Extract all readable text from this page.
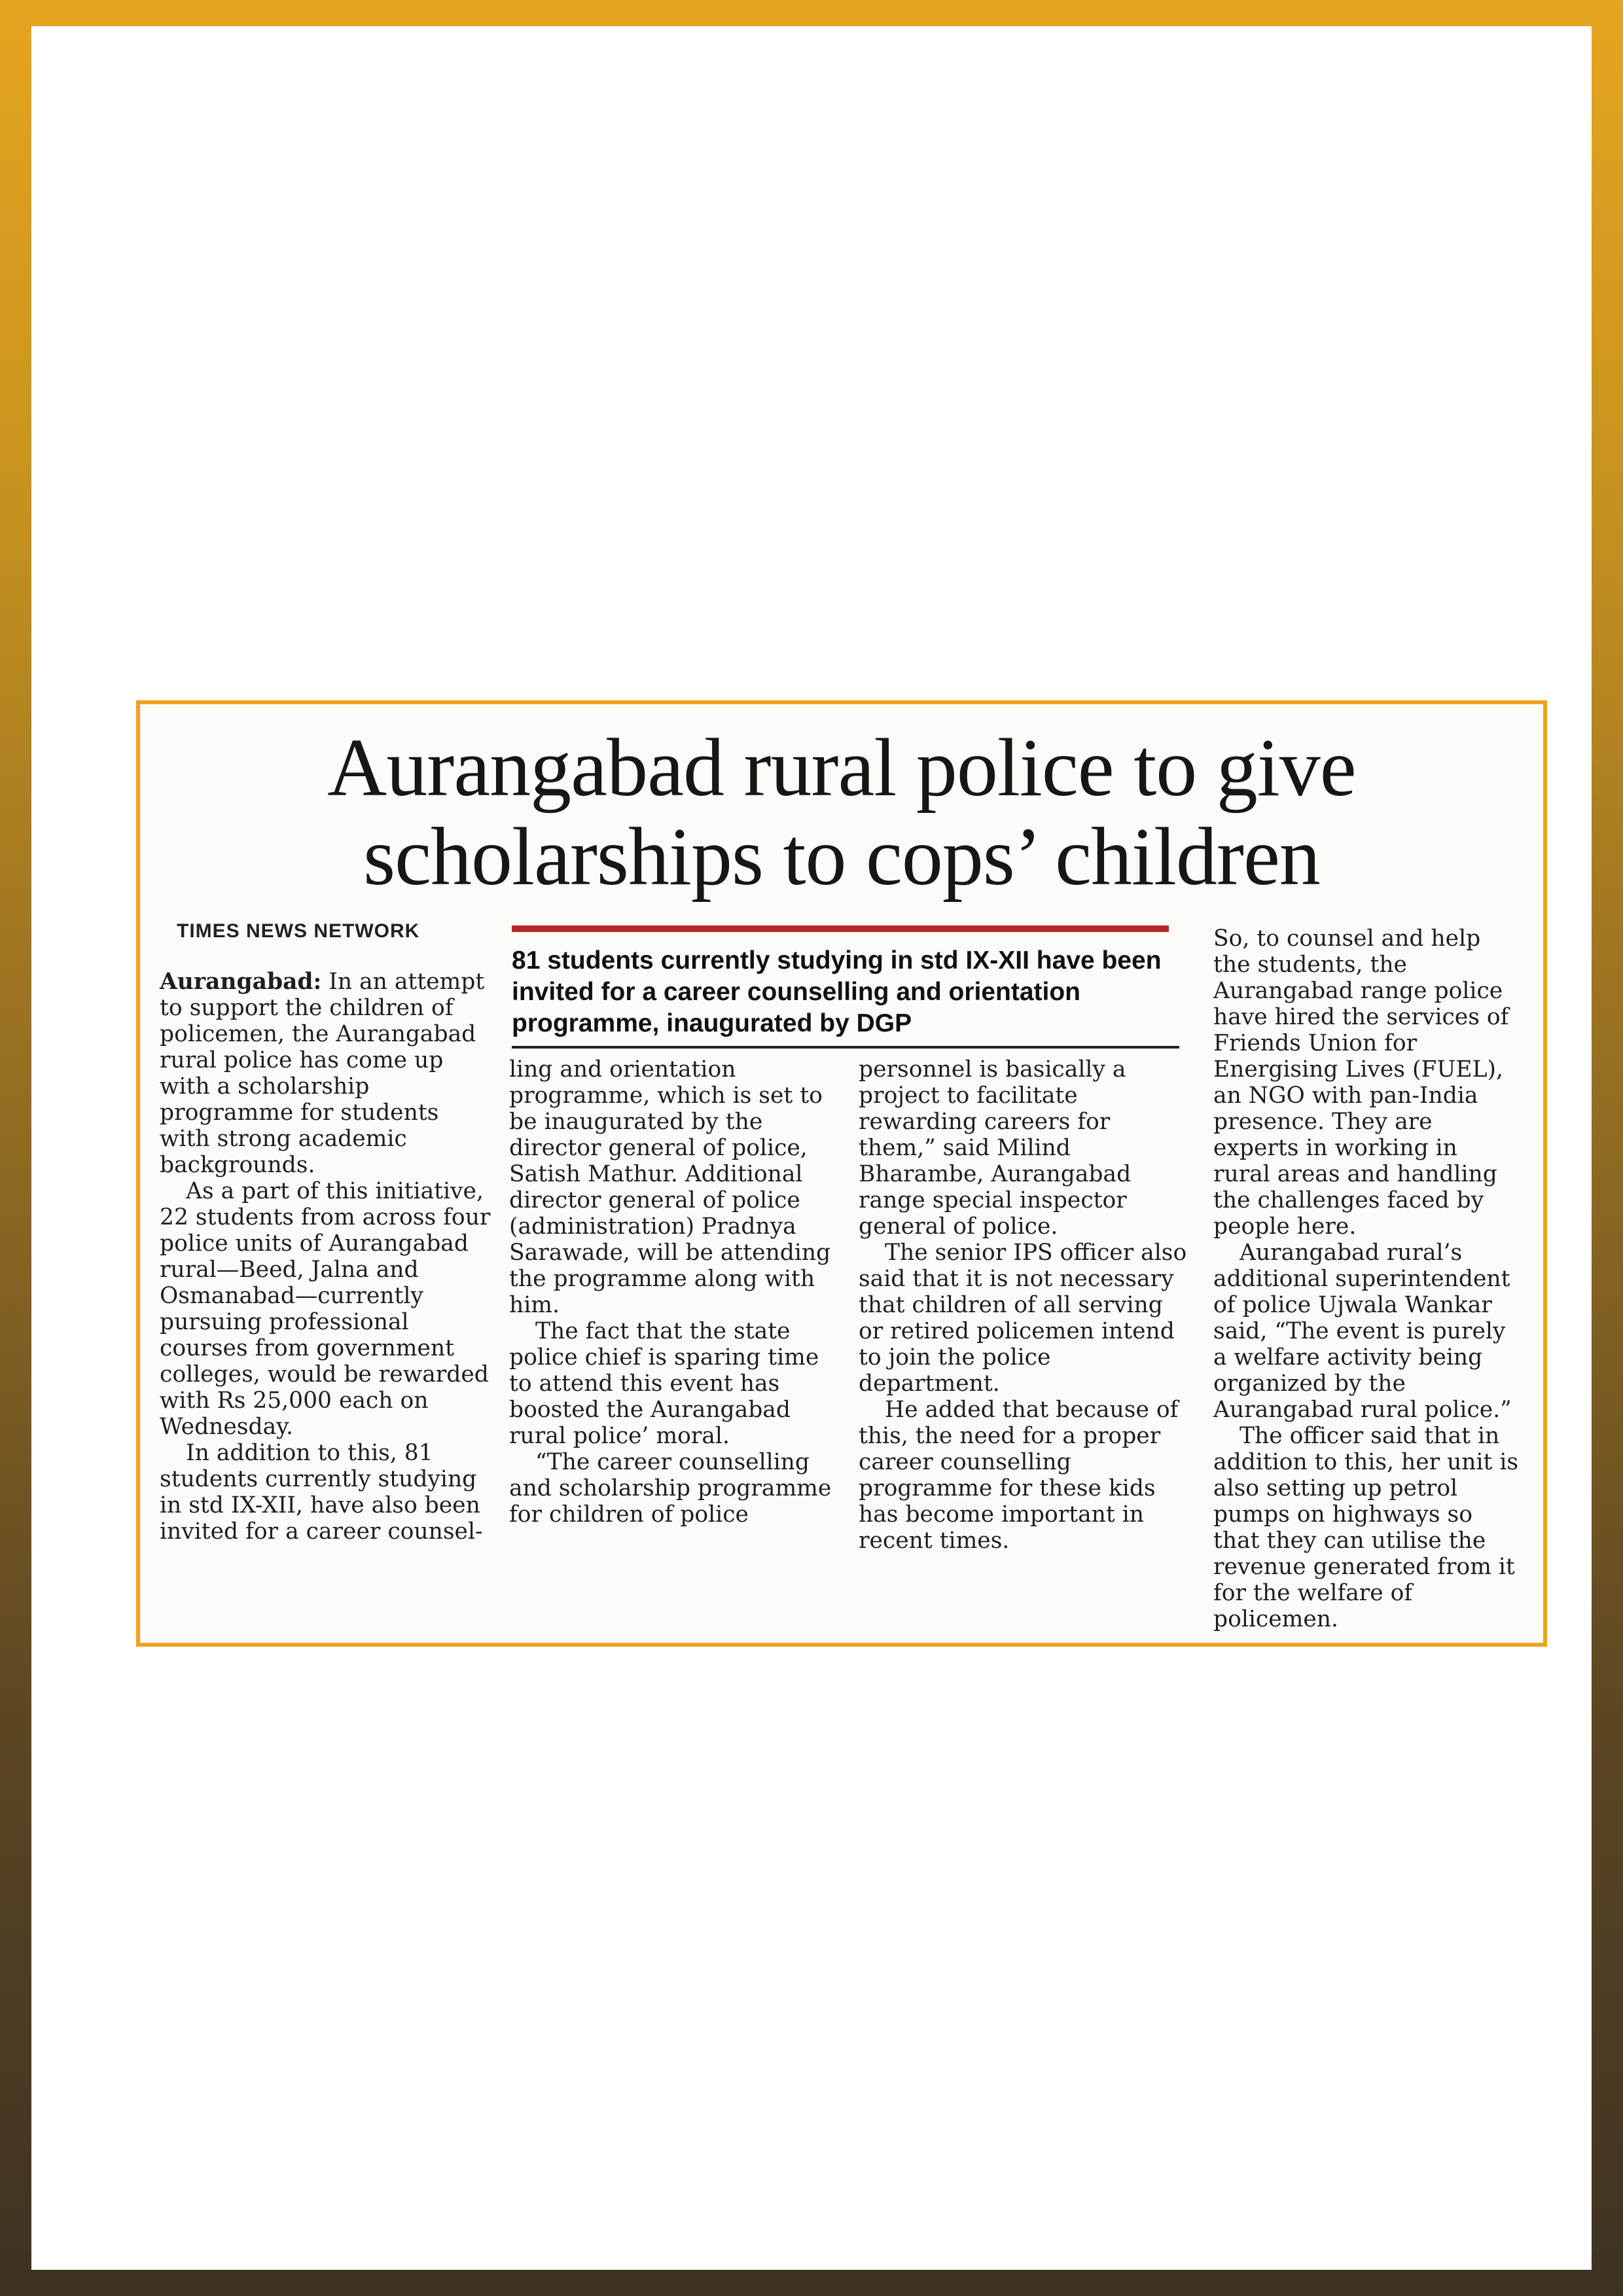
Aurangabad rural police to give
scholarships to cops’ children
TIMES NEWS NETWORK

Aurangabad: In an attempt to support the children of policemen, the Aurangabad rural police has come up with a scholarship programme for students with strong academic backgrounds.

As a part of this initiative, 22 students from across four police units of Aurangabad rural—Beed, Jalna and Osmanabad—currently pursuing professional courses from government colleges, would be rewarded with Rs 25,000 each on Wednesday.

In addition to this, 81 students currently studying in std IX-XII, have also been invited for a career counsel-

81 students currently studying in std IX-XII have been invited for a career counselling and orientation programme, inaugurated by DGP

ling and orientation programme, which is set to be inaugurated by the director general of police, Satish Mathur. Additional director general of police (administration) Pradnya Sarawade, will be attending the programme along with him.

The fact that the state police chief is sparing time to attend this event has boosted the Aurangabad rural police’ moral.

“The career counselling and scholarship programme for children of police

personnel is basically a project to facilitate rewarding careers for them,” said Milind Bharambe, Aurangabad range special inspector general of police.

The senior IPS officer also said that it is not necessary that children of all serving or retired policemen intend to join the police department.

He added that because of this, the need for a proper career counselling programme for these kids has become important in recent times.

So, to counsel and help the students, the Aurangabad range police have hired the services of Friends Union for Energising Lives (FUEL), an NGO with pan-India presence. They are experts in working in rural areas and handling the challenges faced by people here.

Aurangabad rural’s additional superintendent of police Ujwala Wankar said, “The event is purely a welfare activity being organized by the Aurangabad rural police.”

The officer said that in addition to this, her unit is also setting up petrol pumps on highways so that they can utilise the revenue generated from it for the welfare of policemen.
